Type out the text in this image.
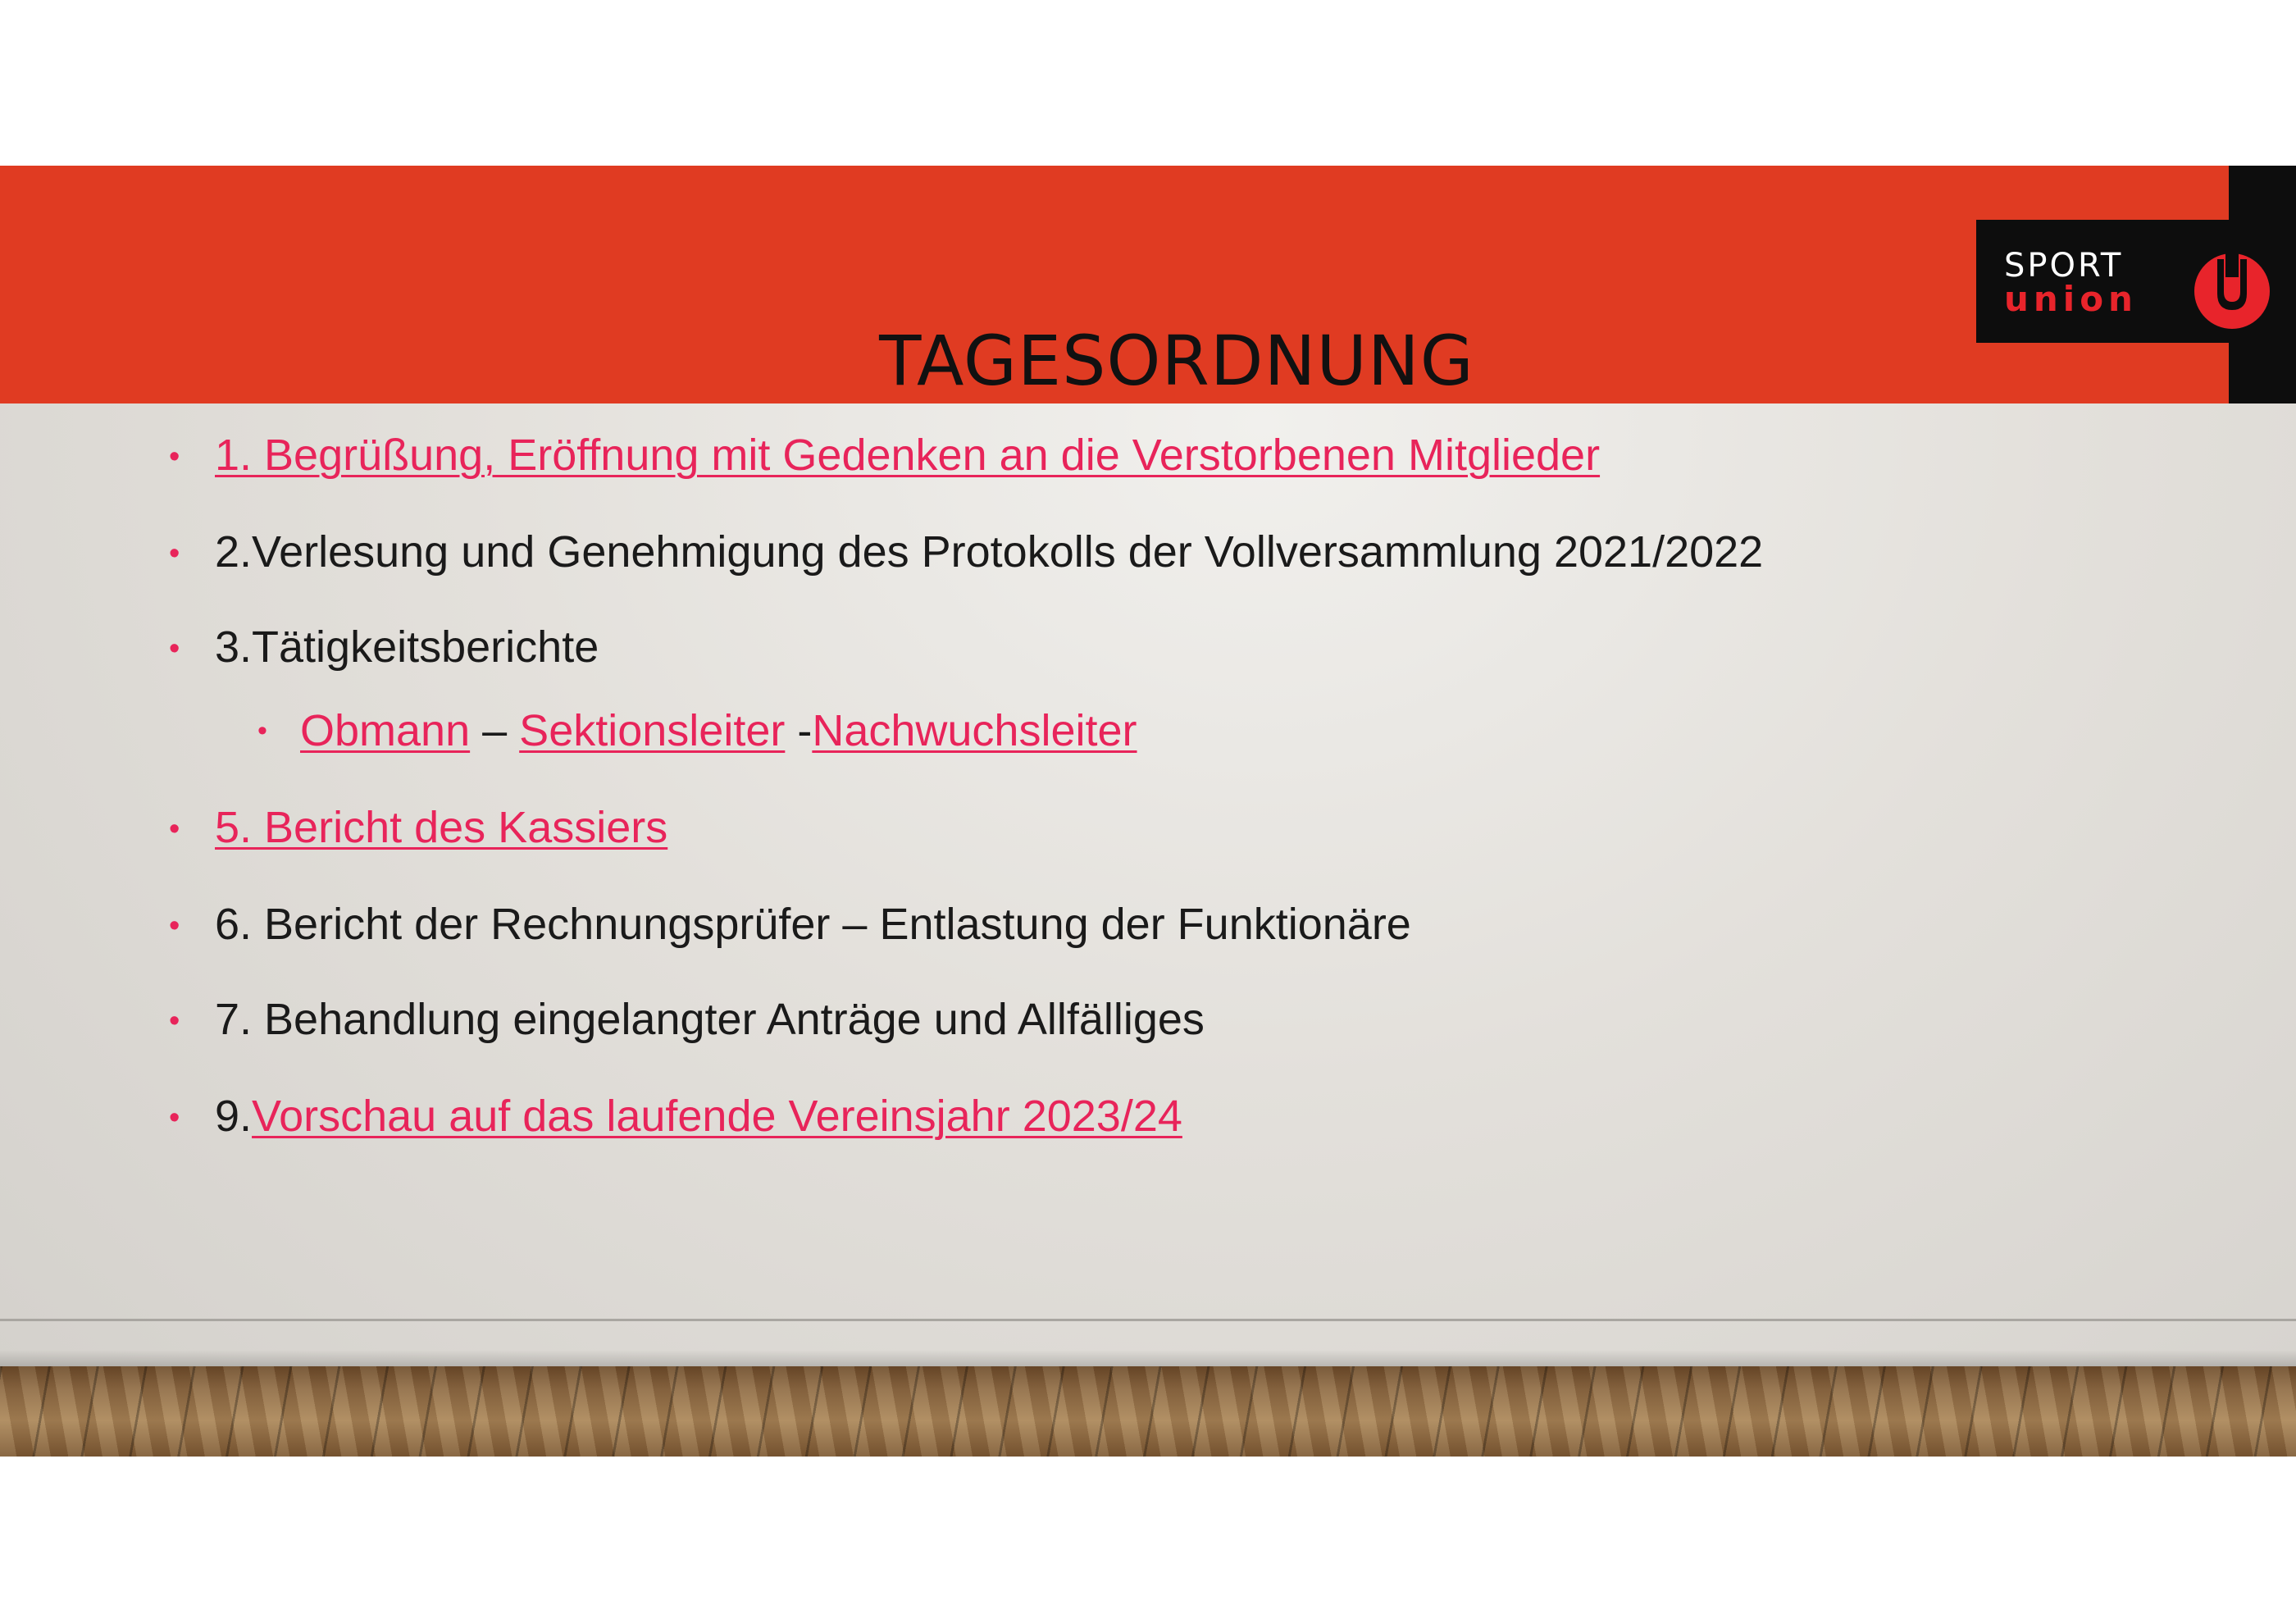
SPORT
union
TAGESORDNUNG
• 1. Begrüßung, Eröffnung mit Gedenken an die Verstorbenen Mitglieder
• 2.Verlesung und Genehmigung des Protokolls der Vollversammlung 2021/2022
• 3.Tätigkeitsberichte
• Obmann – Sektionsleiter -Nachwuchsleiter
• 5. Bericht des Kassiers
• 6. Bericht der Rechnungsprüfer – Entlastung der Funktionäre
• 7. Behandlung eingelangter Anträge und Allfälliges
• 9.Vorschau auf das laufende Vereinsjahr 2023/24
